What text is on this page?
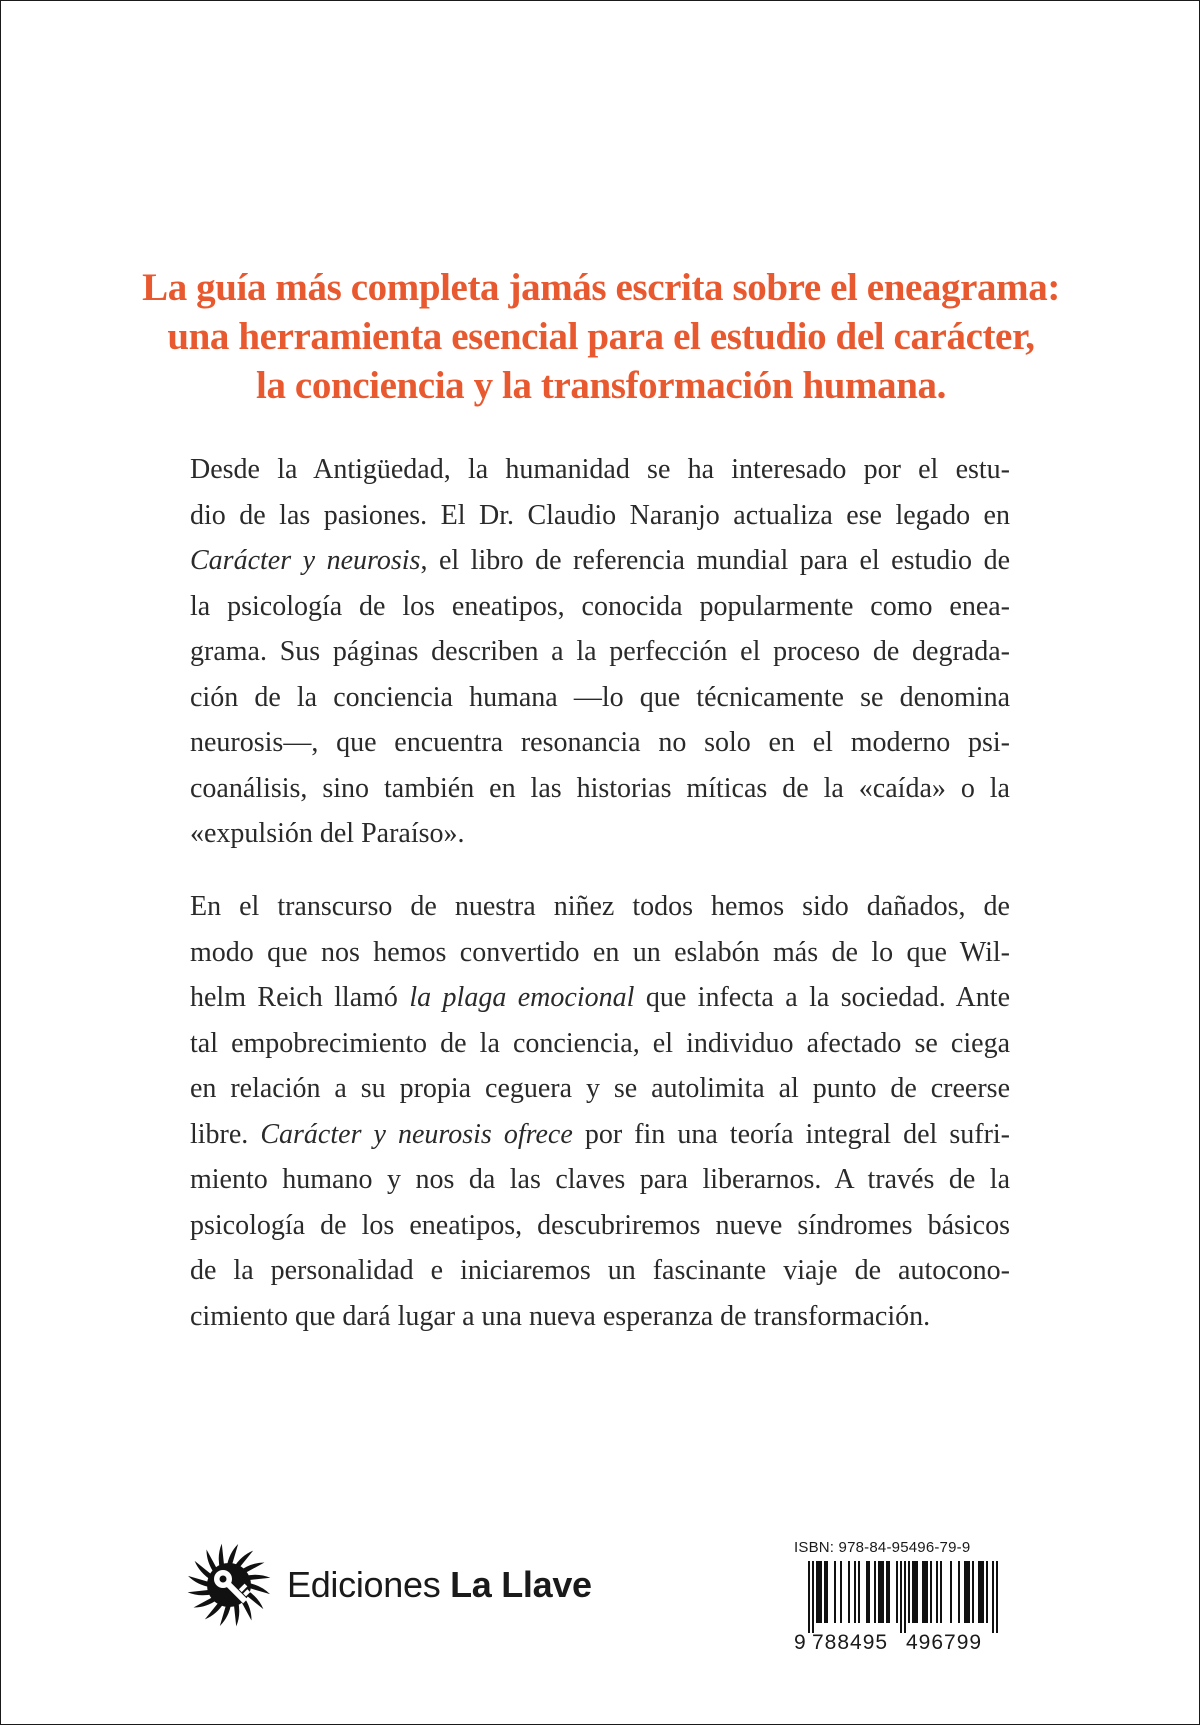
La guía más completa jamás escrita sobre el eneagrama:
una herramienta esencial para el estudio del carácter,
la conciencia y la transformación humana.
Desde la Antigüedad, la humanidad se ha interesado por el estu-
dio de las pasiones. El Dr. Claudio Naranjo actualiza ese legado en
Carácter y neurosis, el libro de referencia mundial para el estudio de
la psicología de los eneatipos, conocida popularmente como enea-
grama. Sus páginas describen a la perfección el proceso de degrada-
ción de la conciencia humana —lo que técnicamente se denomina
neurosis—, que encuentra resonancia no solo en el moderno psi-
coanálisis, sino también en las historias míticas de la «caída» o la
«expulsión del Paraíso».
En el transcurso de nuestra niñez todos hemos sido dañados, de
modo que nos hemos convertido en un eslabón más de lo que Wil-
helm Reich llamó la plaga emocional que infecta a la sociedad. Ante
tal empobrecimiento de la conciencia, el individuo afectado se ciega
en relación a su propia ceguera y se autolimita al punto de creerse
libre. Carácter y neurosis ofrece por fin una teoría integral del sufri-
miento humano y nos da las claves para liberarnos. A través de la
psicología de los eneatipos, descubriremos nueve síndromes básicos
de la personalidad e iniciaremos un fascinante viaje de autocono-
cimiento que dará lugar a una nueva esperanza de transformación.
Ediciones La Llave
ISBN: 978-84-95496-79-9
9 788495 496799
